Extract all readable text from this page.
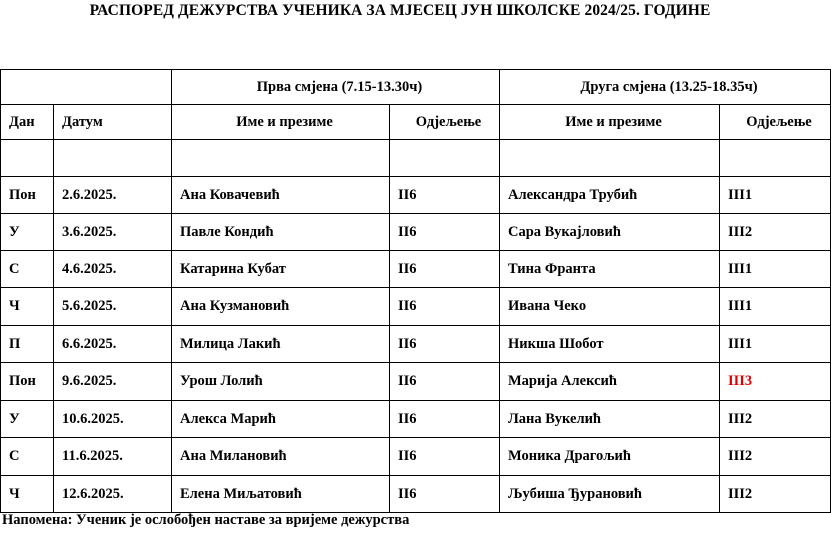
РАСПОРЕД ДЕЖУРСТВА УЧЕНИКА ЗА МЈЕСЕЦ ЈУН ШКОЛСКЕ 2024/25. ГОДИНЕ
		Прва смјена (7.15-13.30ч)		Друга смјена (13.25-18.35ч)	
Дан	Датум	Име и презиме	Одјељење	Име и презиме	Одјељење

Пон	2.6.2025.	Ана Ковачевић	II6	Александра Трубић	III1
У	3.6.2025.	Павле Кондић	II6	Сара Вукајловић	III2
С	4.6.2025.	Катарина Кубат	II6	Тина Франта	III1
Ч	5.6.2025.	Ана Кузмановић	II6	Ивана Чеко	III1
П	6.6.2025.	Милица Лакић	II6	Никша Шобот	III1
Пон	9.6.2025.	Урош Лолић	II6	Марија Алексић	III3
У	10.6.2025.	Алекса Марић	II6	Лана Вукелић	III2
С	11.6.2025.	Ана Милановић	II6	Моника Драгољић	III2
Ч	12.6.2025.	Елена Миљатовић	II6	Љубиша Ђурановић	III2
Напомена: Ученик је ослобођен наставе за вријеме дежурства
